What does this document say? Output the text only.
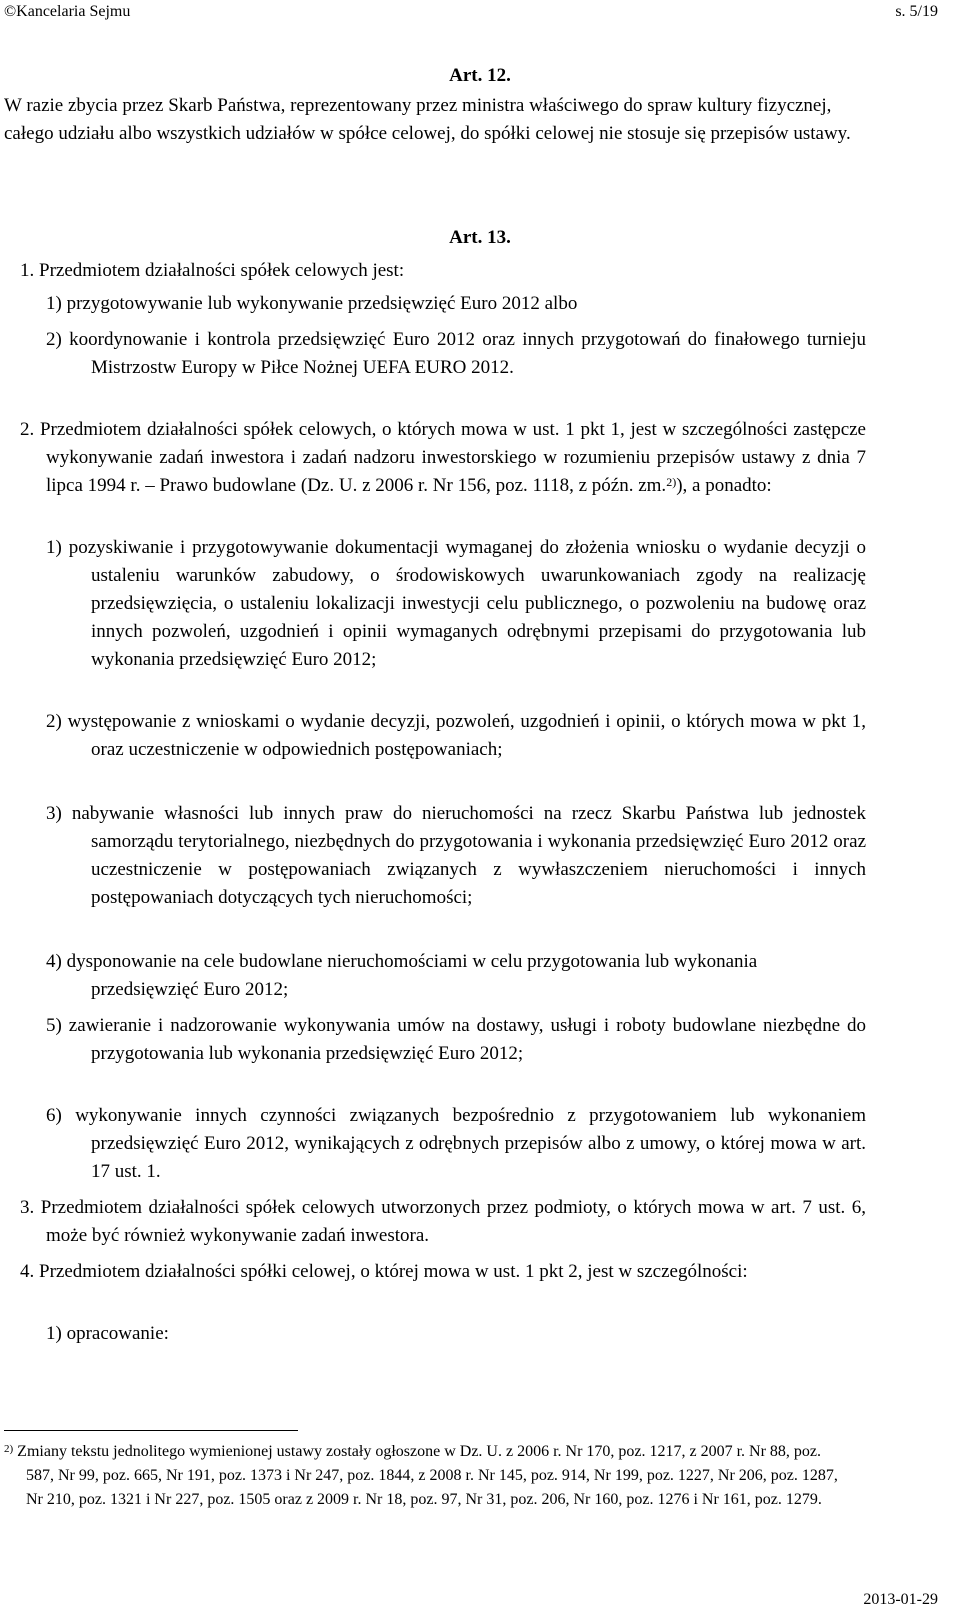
©Kancelaria Sejmu	s. 5/19
Art. 12.

W razie zbycia przez Skarb Państwa, reprezentowany przez ministra właściwego do spraw kultury fizycznej, całego udziału albo wszystkich udziałów w spółce celowej, do spółki celowej nie stosuje się przepisów ustawy.

Art. 13.

1. Przedmiotem działalności spółek celowych jest:

1) przygotowywanie lub wykonywanie przedsięwzięć Euro 2012 albo

2) koordynowanie i kontrola przedsięwzięć Euro 2012 oraz innych przygotowań do finałowego turnieju Mistrzostw Europy w Piłce Nożnej UEFA EURO 2012.

2. Przedmiotem działalności spółek celowych, o których mowa w ust. 1 pkt 1, jest w szczególności zastępcze wykonywanie zadań inwestora i zadań nadzoru inwestorskiego w rozumieniu przepisów ustawy z dnia 7 lipca 1994 r. – Prawo budowlane (Dz. U. z 2006 r. Nr 156, poz. 1118, z późn. zm.$^{2)}$), a ponadto:

1) pozyskiwanie i przygotowywanie dokumentacji wymaganej do złożenia wniosku o wydanie decyzji o ustaleniu warunków zabudowy, o środowiskowych uwarunkowaniach zgody na realizację przedsięwzięcia, o ustaleniu lokalizacji inwestycji celu publicznego, o pozwoleniu na budowę oraz innych pozwoleń, uzgodnień i opinii wymaganych odrębnymi przepisami do przygotowania lub wykonania przedsięwzięć Euro 2012;

2) występowanie z wnioskami o wydanie decyzji, pozwoleń, uzgodnień i opinii, o których mowa w pkt 1, oraz uczestniczenie w odpowiednich postępowaniach;

3) nabywanie własności lub innych praw do nieruchomości na rzecz Skarbu Państwa lub jednostek samorządu terytorialnego, niezbędnych do przygotowania i wykonania przedsięwzięć Euro 2012 oraz uczestniczenie w postępowaniach związanych z wywłaszczeniem nieruchomości i innych postępowaniach dotyczących tych nieruchomości;

4) dysponowanie na cele budowlane nieruchomościami w celu przygotowania lub wykonania przedsięwzięć Euro 2012;

5) zawieranie i nadzorowanie wykonywania umów na dostawy, usługi i roboty budowlane niezbędne do przygotowania lub wykonania przedsięwzięć Euro 2012;

6) wykonywanie innych czynności związanych bezpośrednio z przygotowaniem lub wykonaniem przedsięwzięć Euro 2012, wynikających z odrębnych przepisów albo z umowy, o której mowa w art. 17 ust. 1.

3. Przedmiotem działalności spółek celowych utworzonych przez podmioty, o których mowa w art. 7 ust. 6, może być również wykonywanie zadań inwestora.

4. Przedmiotem działalności spółki celowej, o której mowa w ust. 1 pkt 2, jest w szczególności:

1) opracowanie:

$^{2)}$ Zmiany tekstu jednolitego wymienionej ustawy zostały ogłoszone w Dz. U. z 2006 r. Nr 170, poz. 1217, z 2007 r. Nr 88, poz. 587, Nr 99, poz. 665, Nr 191, poz. 1373 i Nr 247, poz. 1844, z 2008 r. Nr 145, poz. 914, Nr 199, poz. 1227, Nr 206, poz. 1287, Nr 210, poz. 1321 i Nr 227, poz. 1505 oraz z 2009 r. Nr 18, poz. 97, Nr 31, poz. 206, Nr 160, poz. 1276 i Nr 161, poz. 1279.
2013-01-29
